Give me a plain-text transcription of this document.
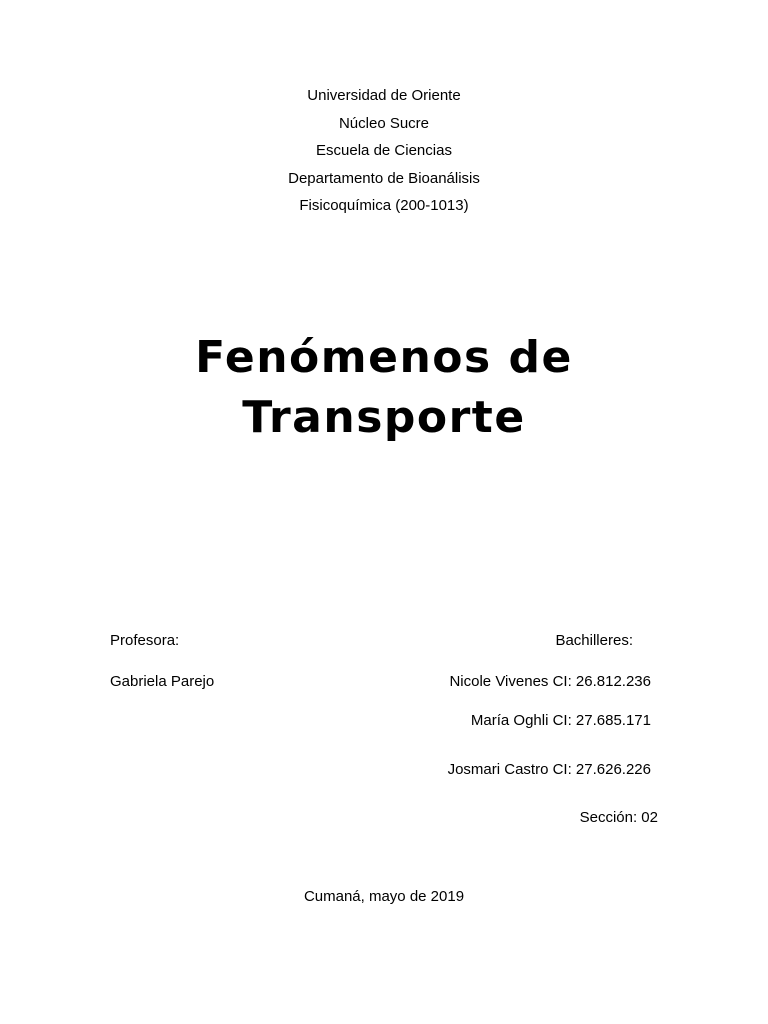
Universidad de Oriente
Núcleo Sucre
Escuela de Ciencias
Departamento de Bioanálisis
Fisicoquímica (200-1013)
Fenómenos de
Transporte
Profesora:
Gabriela Parejo
Bachilleres:
Nicole Vivenes CI: 26.812.236
María Oghli CI: 27.685.171
Josmari Castro CI: 27.626.226
Sección: 02
Cumaná, mayo de 2019
